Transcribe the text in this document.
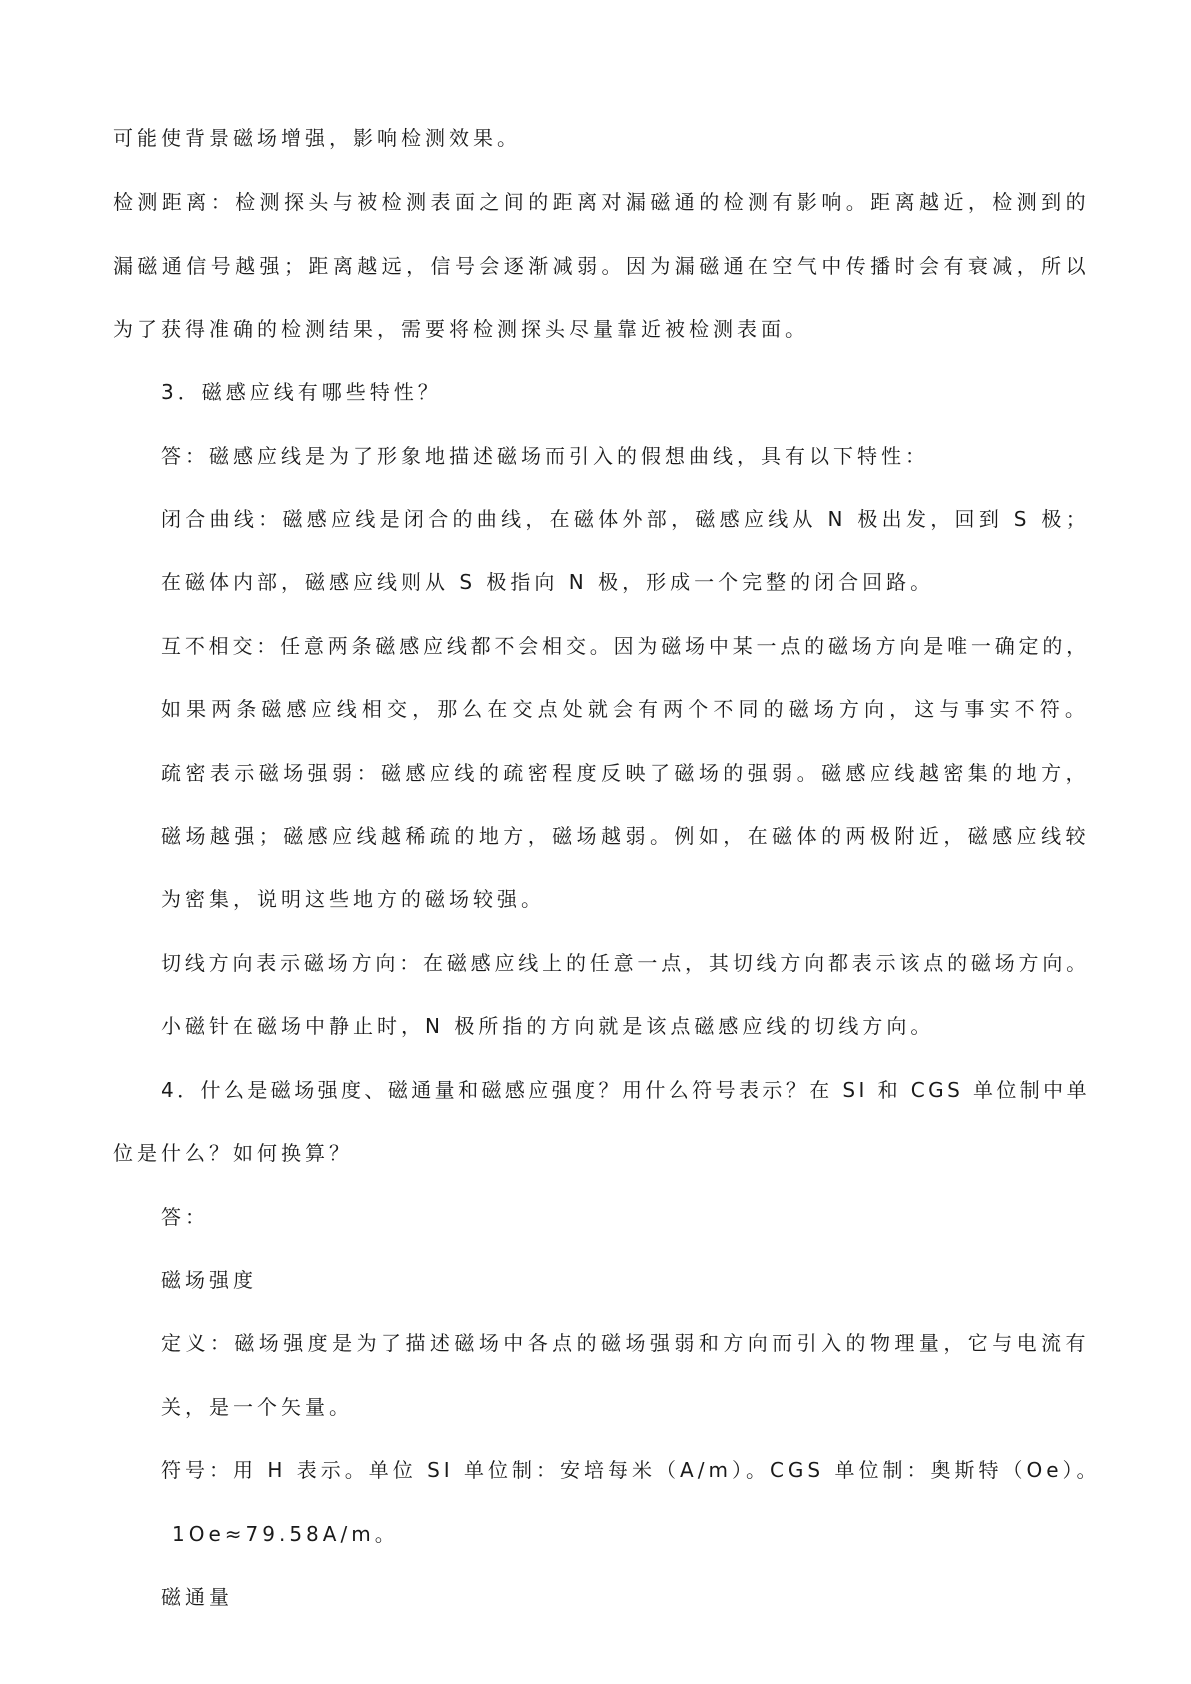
可能使背景磁场增强，影响检测效果。

检测距离：检测探头与被检测表面之间的距离对漏磁通的检测有影响。距离越近，检测到的

漏磁通信号越强；距离越远，信号会逐渐减弱。因为漏磁通在空气中传播时会有衰减，所以

为了获得准确的检测结果，需要将检测探头尽量靠近被检测表面。

3．磁感应线有哪些特性？

答：磁感应线是为了形象地描述磁场而引入的假想曲线，具有以下特性：

闭合曲线：磁感应线是闭合的曲线，在磁体外部，磁感应线从 N 极出发，回到 S 极；

在磁体内部，磁感应线则从 S 极指向 N 极，形成一个完整的闭合回路。

互不相交：任意两条磁感应线都不会相交。因为磁场中某一点的磁场方向是唯一确定的，

如果两条磁感应线相交，那么在交点处就会有两个不同的磁场方向，这与事实不符。

疏密表示磁场强弱：磁感应线的疏密程度反映了磁场的强弱。磁感应线越密集的地方，

磁场越强；磁感应线越稀疏的地方，磁场越弱。例如，在磁体的两极附近，磁感应线较

为密集，说明这些地方的磁场较强。

切线方向表示磁场方向：在磁感应线上的任意一点，其切线方向都表示该点的磁场方向。

小磁针在磁场中静止时，N 极所指的方向就是该点磁感应线的切线方向。

4．什么是磁场强度、磁通量和磁感应强度？用什么符号表示？在 SI 和 CGS 单位制中单

位是什么？如何换算？

答：

磁场强度

定义：磁场强度是为了描述磁场中各点的磁场强弱和方向而引入的物理量，它与电流有

关，是一个矢量。

符号：用 H 表示。单位 SI 单位制：安培每米（A/m）。CGS 单位制：奥斯特（Oe）。

1Oe≈79.58A/m。

磁通量
